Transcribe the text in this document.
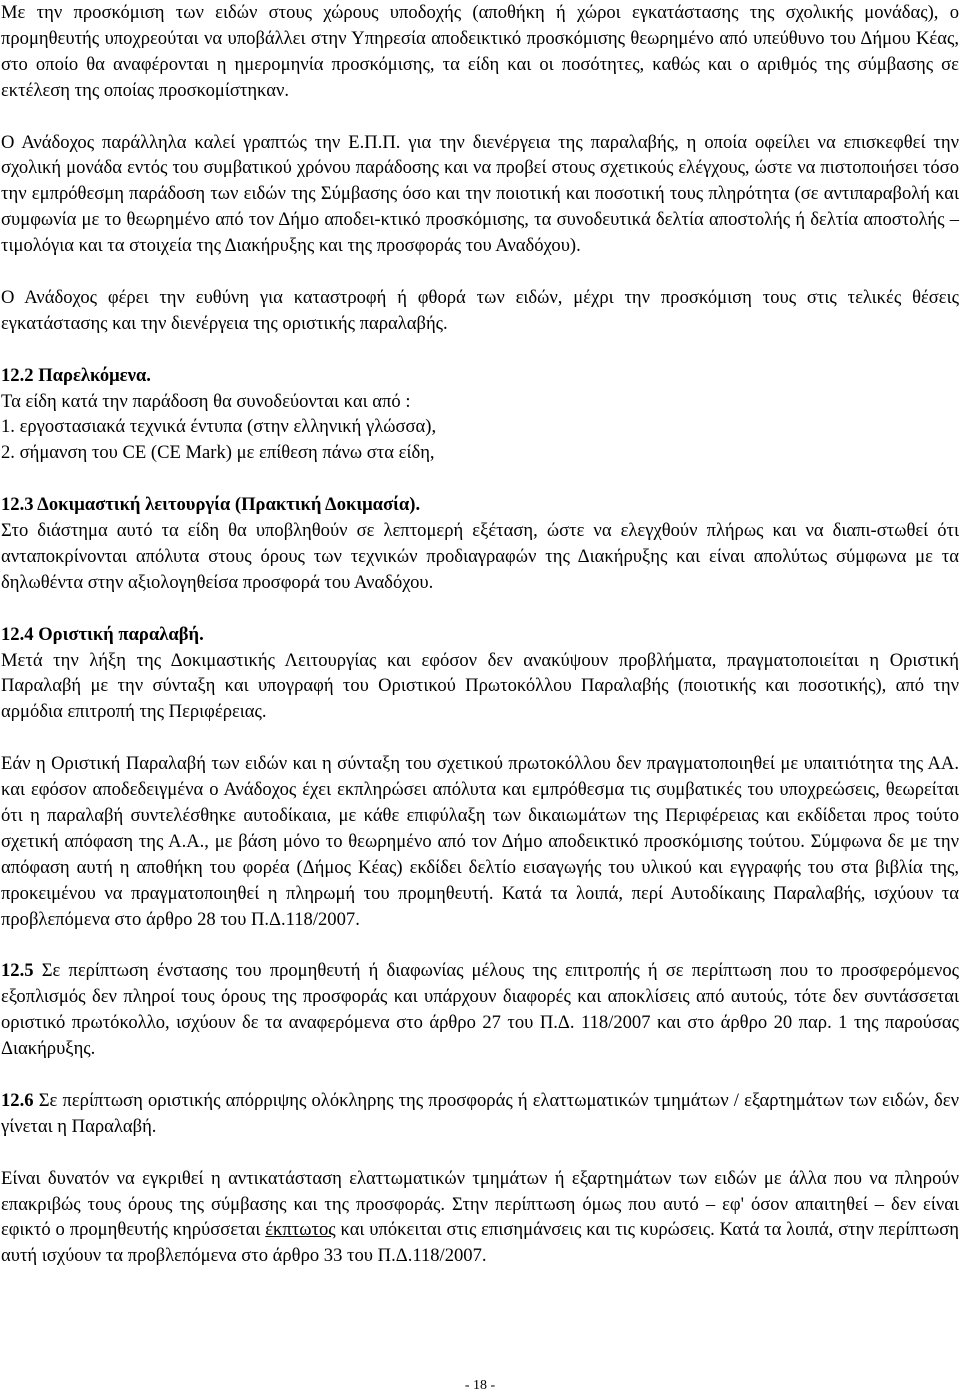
Με την προσκόμιση των ειδών στους χώρους υποδοχής (αποθήκη ή χώροι εγκατάστασης της σχολικής μονάδας), ο προμηθευτής υποχρεούται να υποβάλλει στην Υπηρεσία αποδεικτικό προσκόμισης θεωρημένο από υπεύθυνο του Δήμου Κέας, στο οποίο θα αναφέρονται η ημερομηνία προσκόμισης, τα είδη και οι ποσότητες, καθώς και ο αριθμός της σύμβασης σε εκτέλεση της οποίας προσκομίστηκαν.

Ο Ανάδοχος παράλληλα καλεί γραπτώς την Ε.Π.Π. για την διενέργεια της παραλαβής, η οποία οφείλει να επισκεφθεί την σχολική μονάδα εντός του συμβατικού χρόνου παράδοσης και να προβεί στους σχετικούς ελέγχους, ώστε να πιστοποιήσει τόσο την εμπρόθεσμη παράδοση των ειδών της Σύμβασης όσο και την ποιοτική και ποσοτική τους πληρότητα (σε αντιπαραβολή και συμφωνία με το θεωρημένο από τον Δήμο αποδει-κτικό προσκόμισης, τα συνοδευτικά δελτία αποστολής ή δελτία αποστολής – τιμολόγια και τα στοιχεία της Διακήρυξης και της προσφοράς του Αναδόχου).

Ο Ανάδοχος φέρει την ευθύνη για καταστροφή ή φθορά των ειδών, μέχρι την προσκόμιση τους στις τελικές θέσεις εγκατάστασης και την διενέργεια της οριστικής παραλαβής.

12.2 Παρελκόμενα.
Τα είδη κατά την παράδοση θα συνοδεύονται και από :
1. εργοστασιακά τεχνικά έντυπα (στην ελληνική γλώσσα),
2. σήμανση του CE (CE Mark) με επίθεση πάνω στα είδη,
12.3 Δοκιμαστική λειτουργία (Πρακτική Δοκιμασία).

Στο διάστημα αυτό τα είδη θα υποβληθούν σε λεπτομερή εξέταση, ώστε να ελεγχθούν πλήρως και να διαπι-στωθεί ότι ανταποκρίνονται απόλυτα στους όρους των τεχνικών προδιαγραφών της Διακήρυξης και είναι απολύτως σύμφωνα με τα δηλωθέντα στην αξιολογηθείσα προσφορά του Αναδόχου.

12.4 Οριστική παραλαβή.

Μετά την λήξη της Δοκιμαστικής Λειτουργίας και εφόσον δεν ανακύψουν προβλήματα, πραγματοποιείται η Οριστική Παραλαβή με την σύνταξη και υπογραφή του Οριστικού Πρωτοκόλλου Παραλαβής (ποιοτικής και ποσοτικής), από την αρμόδια επιτροπή της Περιφέρειας.

Εάν η Οριστική Παραλαβή των ειδών και η σύνταξη του σχετικού πρωτοκόλλου δεν πραγματοποιηθεί με υπαιτιότητα της ΑΑ. και εφόσον αποδεδειγμένα ο Ανάδοχος έχει εκπληρώσει απόλυτα και εμπρόθεσμα τις συμβατικές του υποχρεώσεις, θεωρείται ότι η παραλαβή συντελέσθηκε αυτοδίκαια, με κάθε επιφύλαξη των δικαιωμάτων της Περιφέρειας και εκδίδεται προς τούτο σχετική απόφαση της Α.Α., με βάση μόνο το θεωρημένο από τον Δήμο αποδεικτικό προσκόμισης τούτου. Σύμφωνα δε με την απόφαση αυτή η αποθήκη του φορέα (Δήμος Κέας) εκδίδει δελτίο εισαγωγής του υλικού και εγγραφής του στα βιβλία της, προκειμένου να πραγματοποιηθεί η πληρωμή του προμηθευτή. Κατά τα λοιπά, περί Αυτοδίκαιης Παραλαβής, ισχύουν τα προβλεπόμενα στο άρθρο 28 του Π.Δ.118/2007.

12.5 Σε περίπτωση ένστασης του προμηθευτή ή διαφωνίας μέλους της επιτροπής ή σε περίπτωση που το προσφερόμενος εξοπλισμός δεν πληροί τους όρους της προσφοράς και υπάρχουν διαφορές και αποκλίσεις από αυτούς, τότε δεν συντάσσεται οριστικό πρωτόκολλο, ισχύουν δε τα αναφερόμενα στο άρθρο 27 του Π.Δ. 118/2007 και στο άρθρο 20 παρ. 1 της παρούσας Διακήρυξης.

12.6 Σε περίπτωση οριστικής απόρριψης ολόκληρης της προσφοράς ή ελαττωματικών τμημάτων / εξαρτημάτων των ειδών, δεν γίνεται η Παραλαβή.

Είναι δυνατόν να εγκριθεί η αντικατάσταση ελαττωματικών τμημάτων ή εξαρτημάτων των ειδών με άλλα που να πληρούν επακριβώς τους όρους της σύμβασης και της προσφοράς. Στην περίπτωση όμως που αυτό – εφ' όσον απαιτηθεί – δεν είναι εφικτό ο προμηθευτής κηρύσσεται έκπτωτος και υπόκειται στις επισημάνσεις και τις κυρώσεις. Κατά τα λοιπά, στην περίπτωση αυτή ισχύουν τα προβλεπόμενα στο άρθρο 33 του Π.Δ.118/2007.

- 18 -
